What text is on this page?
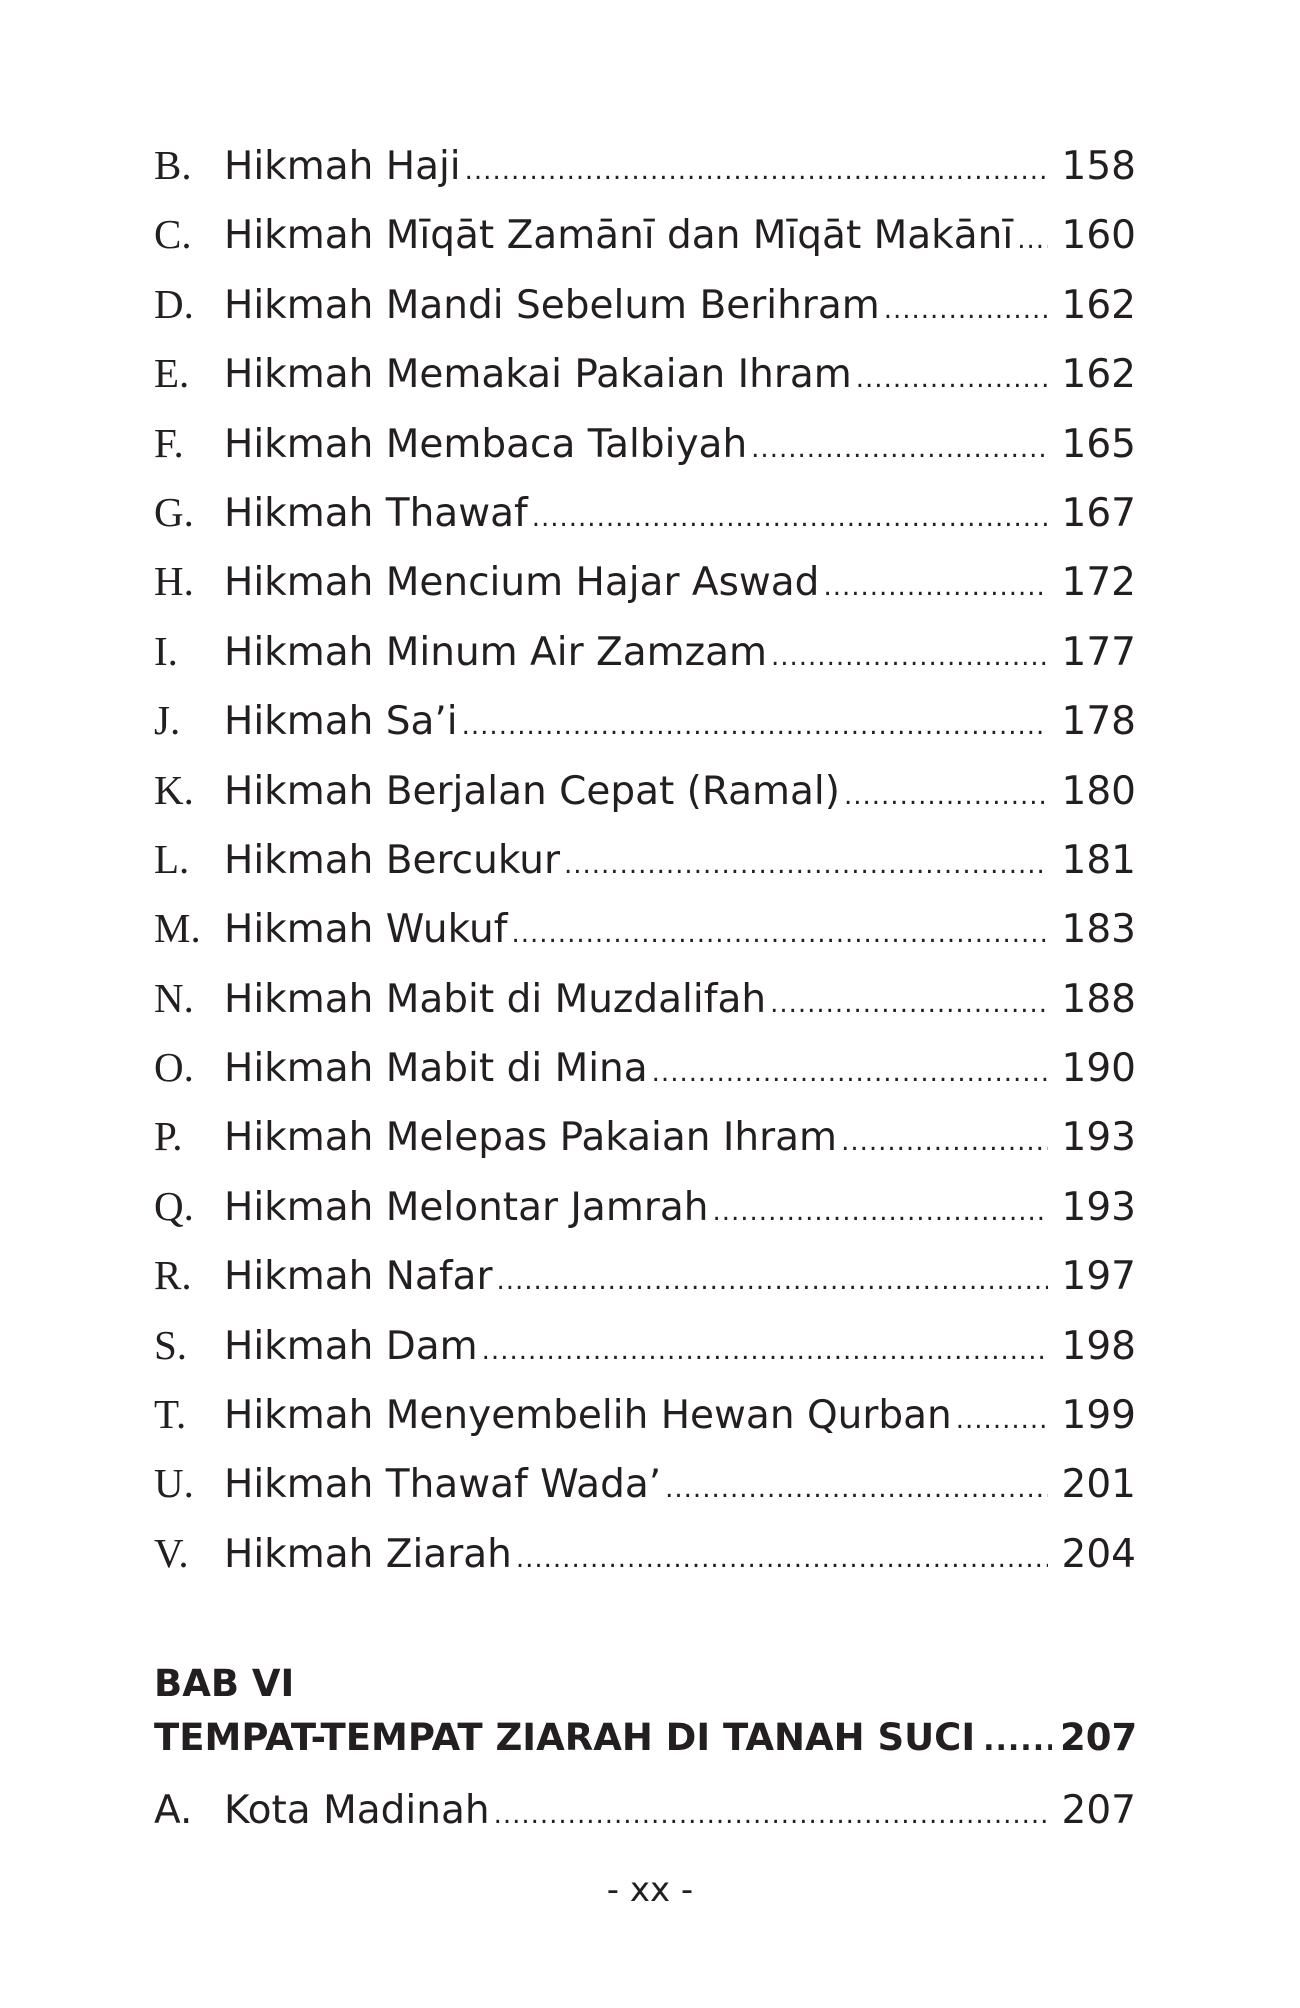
B. Hikmah Haji .....	158
C. Hikmah Mīqāt Zamānī dan Mīqāt Makānī ..... 160
D. Hikmah Mandi Sebelum Berihram .....	162
E. Hikmah Memakai Pakaian Ihram .....	162
F.	Hikmah Membaca Talbiyah .....	165
G. Hikmah Thawaf .....	167
H. Hikmah Mencium Hajar Aswad .....	172
I.	Hikmah Minum Air Zamzam .....	177
J.	Hikmah Sa’i .....	178
K. Hikmah Berjalan Cepat (Ramal) .....	180
L. Hikmah Bercukur .....	181
M. Hikmah Wukuf .....	183
N. Hikmah Mabit di Muzdalifah .....	188
O. Hikmah Mabit di Mina .....	190
P.	Hikmah Melepas Pakaian Ihram .....	193
Q. Hikmah Melontar Jamrah .....	193
R. Hikmah Nafar .....	197
S. Hikmah Dam .....	198
T. Hikmah Menyembelih Hewan Qurban .....	199
U. Hikmah Thawaf Wada’ .....	201
V. Hikmah Ziarah .....	204
BAB VI
TEMPAT-TEMPAT ZIARAH DI TANAH SUCI ..... 207
A. Kota Madinah .....	207
- xx -
